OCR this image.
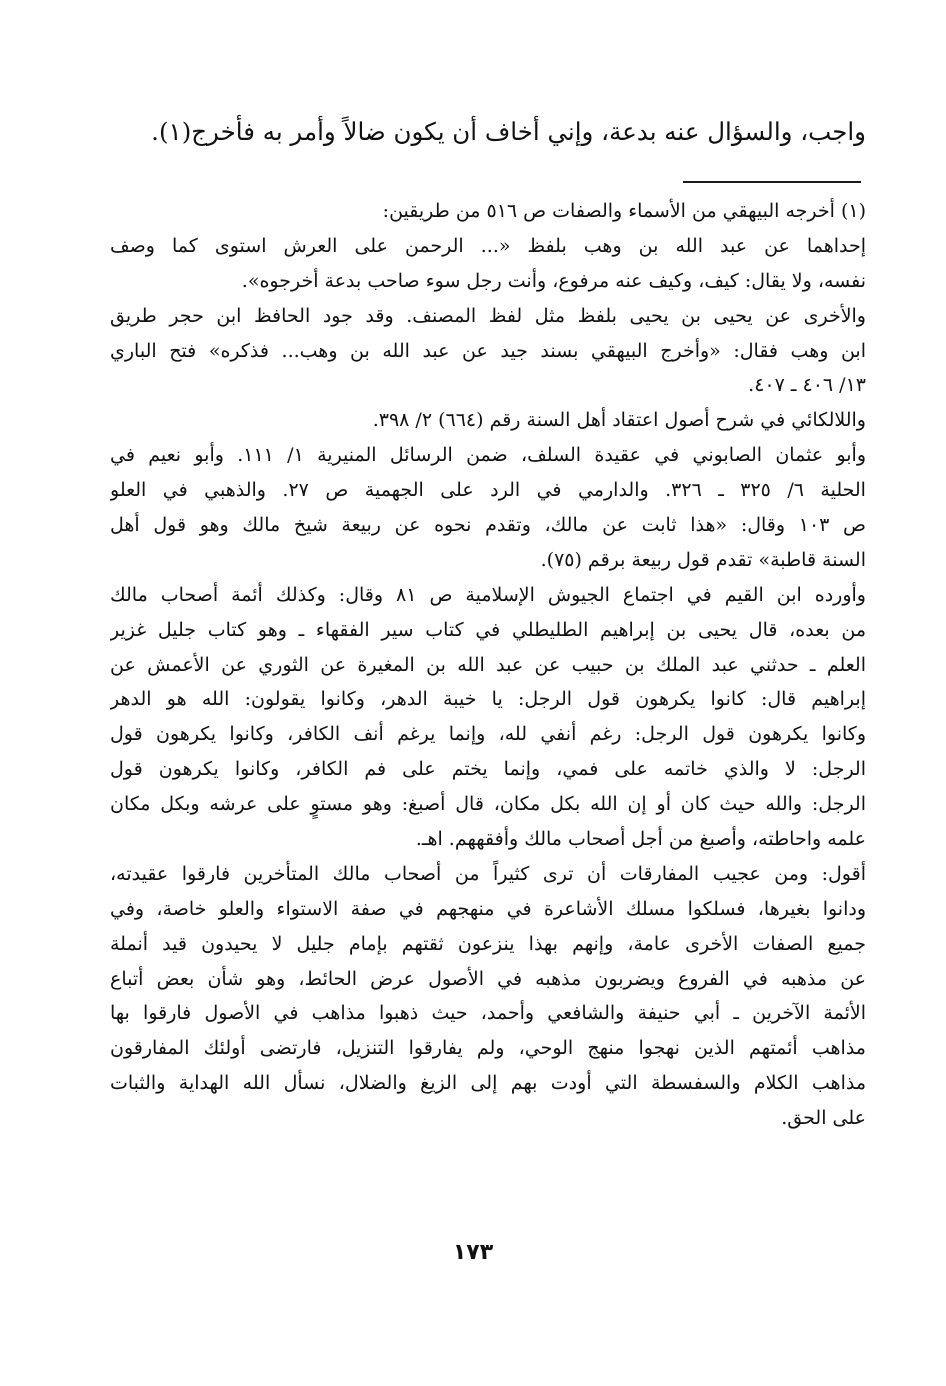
واجب، والسؤال عنه بدعة، وإني أخاف أن يكون ضالاً وأمر به فأخرج(١).
(١) أخرجه البيهقي من الأسماء والصفات ص ٥١٦ من طريقين:
إحداهما عن عبد الله بن وهب بلفظ «... الرحمن على العرش استوى كما وصف
نفسه، ولا يقال: كيف، وكيف عنه مرفوع، وأنت رجل سوء صاحب بدعة أخرجوه».
والأخرى عن يحيى بن يحيى بلفظ مثل لفظ المصنف. وقد جود الحافظ ابن حجر طريق
ابن وهب فقال: «وأخرج البيهقي بسند جيد عن عبد الله بن وهب... فذكره» فتح الباري
١٣/ ٤٠٦ ـ ٤٠٧.
واللالكائي في شرح أصول اعتقاد أهل السنة رقم (٦٦٤) ٢/ ٣٩٨.
وأبو عثمان الصابوني في عقيدة السلف، ضمن الرسائل المنيرية ١/ ١١١. وأبو نعيم في
الحلية ٦/ ٣٢٥ ـ ٣٢٦. والدارمي في الرد على الجهمية ص ٢٧. والذهبي في العلو
ص ١٠٣ وقال: «هذا ثابت عن مالك، وتقدم نحوه عن ربيعة شيخ مالك وهو قول أهل
السنة قاطبة» تقدم قول ربيعة برقم (٧٥).
وأورده ابن القيم في اجتماع الجيوش الإسلامية ص ٨١ وقال: وكذلك أئمة أصحاب مالك
من بعده، قال يحيى بن إبراهيم الطليطلي في كتاب سير الفقهاء ـ وهو كتاب جليل غزير
العلم ـ حدثني عبد الملك بن حبيب عن عبد الله بن المغيرة عن الثوري عن الأعمش عن
إبراهيم قال: كانوا يكرهون قول الرجل: يا خيبة الدهر، وكانوا يقولون: الله هو الدهر
وكانوا يكرهون قول الرجل: رغم أنفي لله، وإنما يرغم أنف الكافر، وكانوا يكرهون قول
الرجل: لا والذي خاتمه على فمي، وإنما يختم على فم الكافر، وكانوا يكرهون قول
الرجل: والله حيث كان أو إن الله بكل مكان، قال أصبغ: وهو مستوٍ على عرشه وبكل مكان
علمه واحاطته، وأصبغ من أجل أصحاب مالك وأفقههم. اهـ.
أقول: ومن عجيب المفارقات أن ترى كثيراً من أصحاب مالك المتأخرين فارقوا عقيدته،
ودانوا بغيرها، فسلكوا مسلك الأشاعرة في منهجهم في صفة الاستواء والعلو خاصة، وفي
جميع الصفات الأخرى عامة، وإنهم بهذا ينزعون ثقتهم بإمام جليل لا يحيدون قيد أنملة
عن مذهبه في الفروع ويضربون مذهبه في الأصول عرض الحائط، وهو شأن بعض أتباع
الأئمة الآخرين ـ أبي حنيفة والشافعي وأحمد، حيث ذهبوا مذاهب في الأصول فارقوا بها
مذاهب أئمتهم الذين نهجوا منهج الوحي، ولم يفارقوا التنزيل، فارتضى أولئك المفارقون
مذاهب الكلام والسفسطة التي أودت بهم إلى الزيغ والضلال، نسأل الله الهداية والثبات
على الحق.
١٧٣
